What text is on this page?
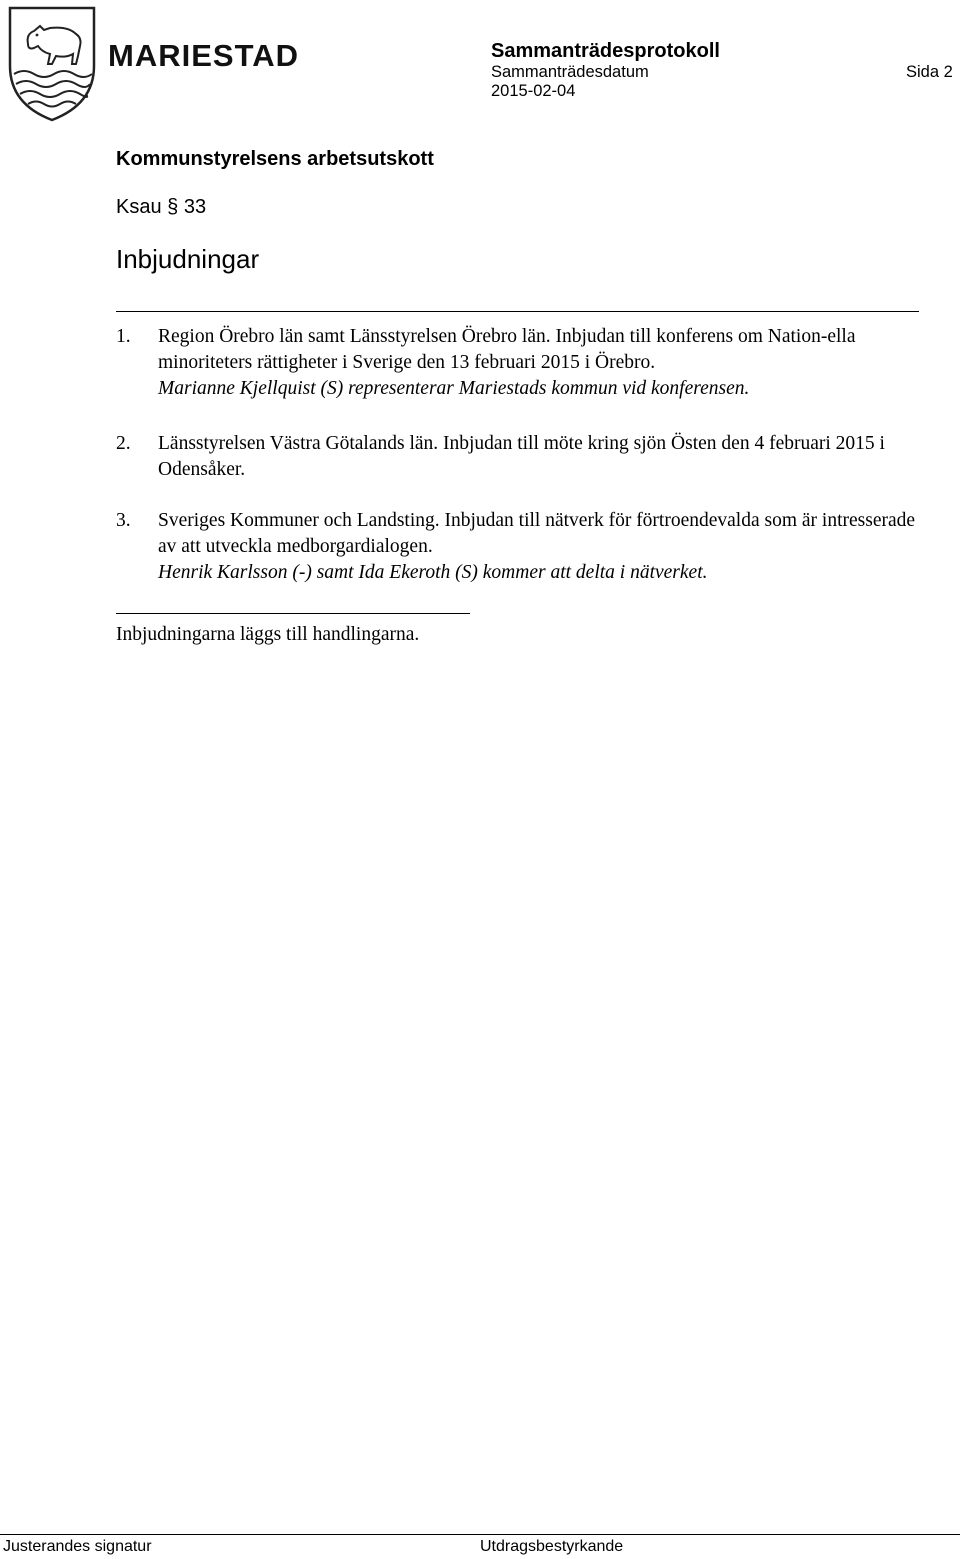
MARIESTAD	Sammanträdesprotokoll
Sammanträdesdatum	Sida 2
2015-02-04
Kommunstyrelsens arbetsutskott
Ksau § 33
Inbjudningar
1.	Region Örebro län samt Länsstyrelsen Örebro län. Inbjudan till konferens om Nation-ella minoriteters rättigheter i Sverige den 13 februari 2015 i Örebro.
Marianne Kjellquist (S) representerar Mariestads kommun vid konferensen.
2.	Länsstyrelsen Västra Götalands län. Inbjudan till möte kring sjön Östen den 4 februari 2015 i Odensåker.
3.	Sveriges Kommuner och Landsting. Inbjudan till nätverk för förtroendevalda som är intresserade av att utveckla medborgardialogen.
Henrik Karlsson (-) samt Ida Ekeroth (S) kommer att delta i nätverket.
Inbjudningarna läggs till handlingarna.
Justerandes signatur	Utdragsbestyrkande
